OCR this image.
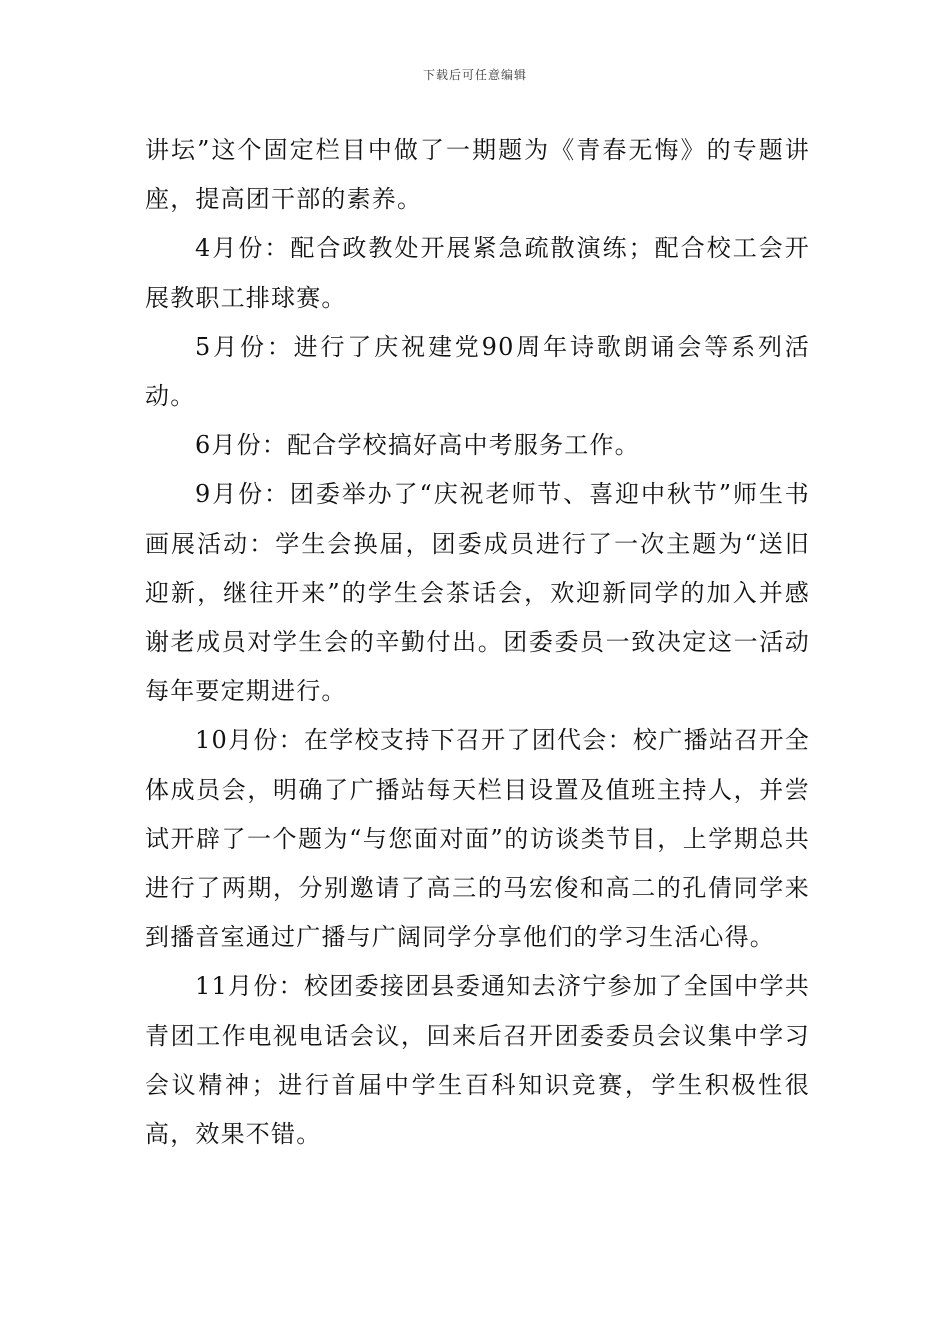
下载后可任意编辑

讲坛”这个固定栏目中做了一期题为《青春无悔》的专题讲座，提高团干部的素养。

4月份：配合政教处开展紧急疏散演练；配合校工会开展教职工排球赛。

5月份：进行了庆祝建党90周年诗歌朗诵会等系列活动。

6月份：配合学校搞好高中考服务工作。

9月份：团委举办了“庆祝老师节、喜迎中秋节”师生书画展活动：学生会换届，团委成员进行了一次主题为“送旧迎新，继往开来”的学生会茶话会，欢迎新同学的加入并感谢老成员对学生会的辛勤付出。团委委员一致决定这一活动每年要定期进行。

10月份：在学校支持下召开了团代会：校广播站召开全体成员会，明确了广播站每天栏目设置及值班主持人，并尝试开辟了一个题为“与您面对面”的访谈类节目，上学期总共进行了两期，分别邀请了高三的马宏俊和高二的孔倩同学来到播音室通过广播与广阔同学分享他们的学习生活心得。

11月份：校团委接团县委通知去济宁参加了全国中学共青团工作电视电话会议，回来后召开团委委员会议集中学习会议精神；进行首届中学生百科知识竞赛，学生积极性很高，效果不错。
